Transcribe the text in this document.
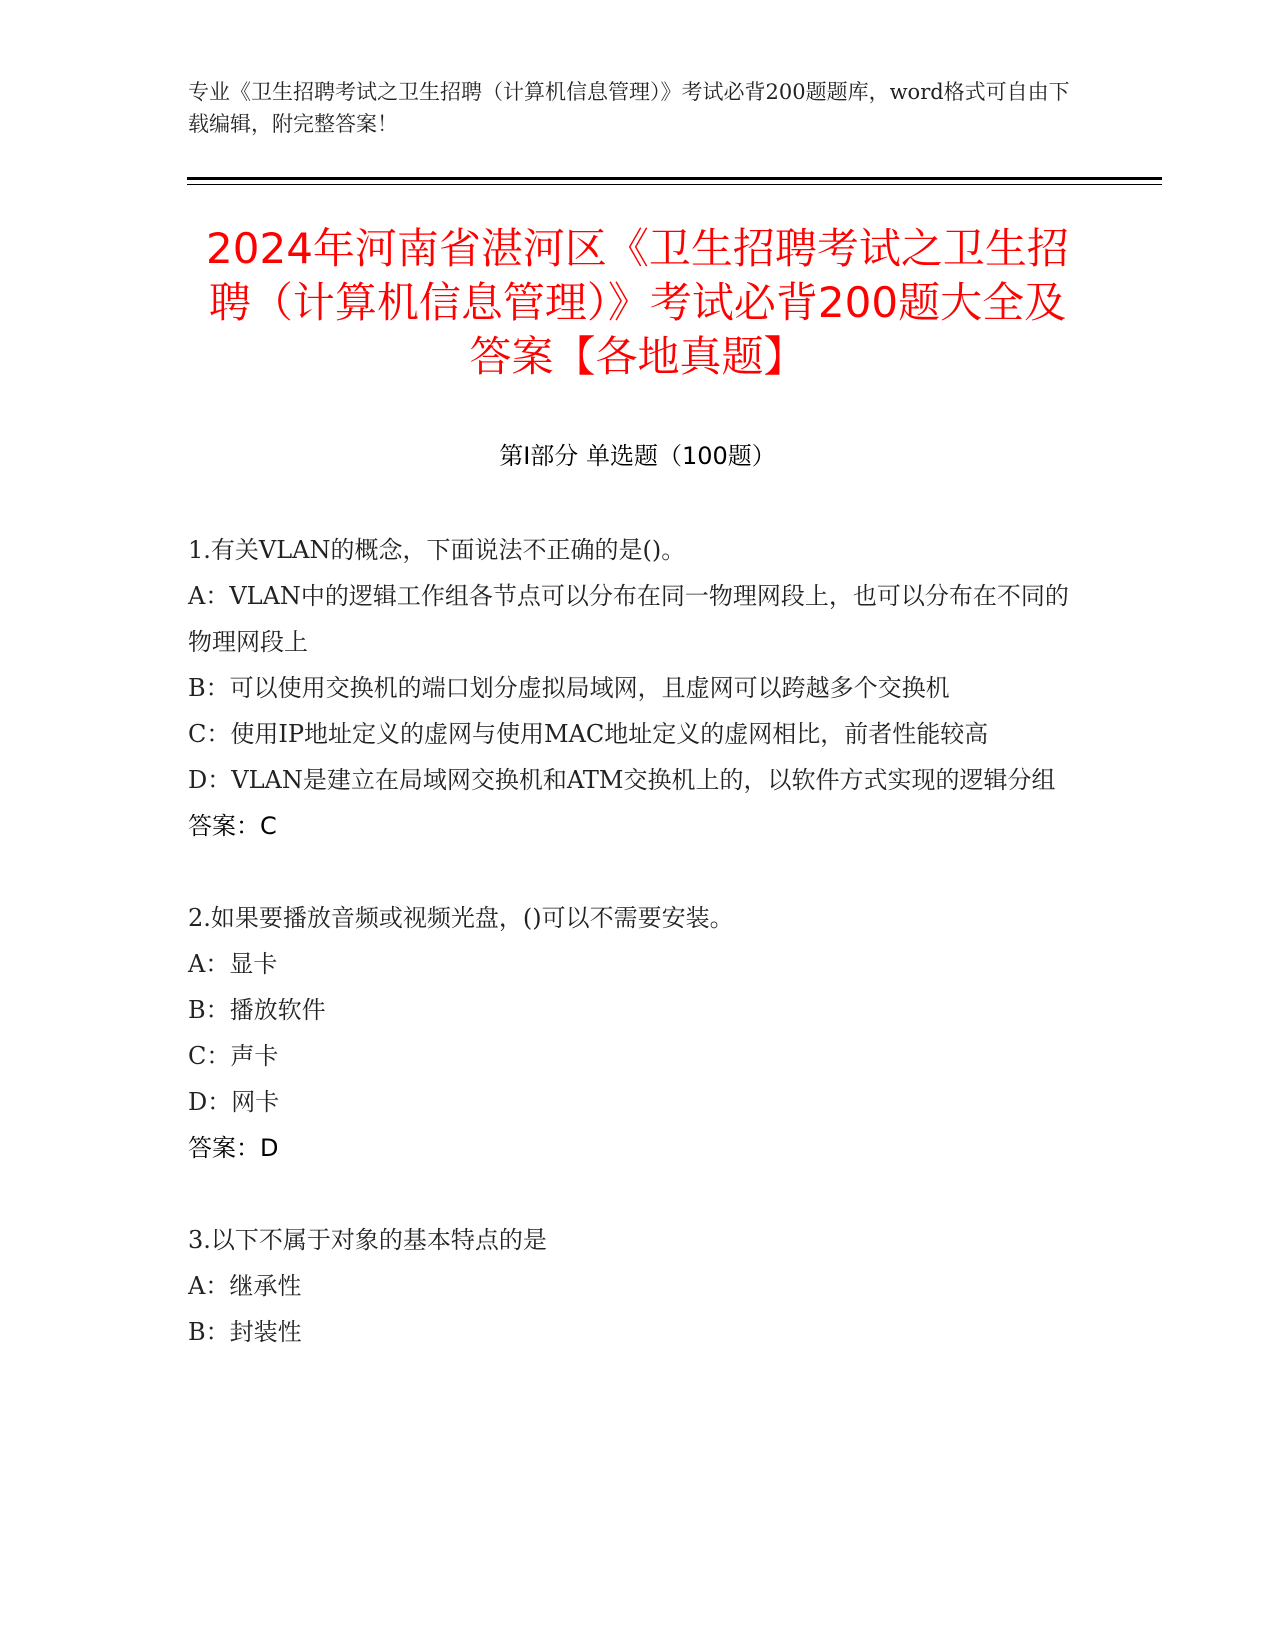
专业《卫生招聘考试之卫生招聘（计算机信息管理）》考试必背200题题库，word格式可自由下载编辑，附完整答案！
2024年河南省湛河区《卫生招聘考试之卫生招聘（计算机信息管理）》考试必背200题大全及答案【各地真题】
第Ⅰ部分 单选题（100题）

1.有关VLAN的概念，下面说法不正确的是()。

A：VLAN中的逻辑工作组各节点可以分布在同一物理网段上，也可以分布在不同的物理网段上

B：可以使用交换机的端口划分虚拟局域网，且虚网可以跨越多个交换机

C：使用IP地址定义的虚网与使用MAC地址定义的虚网相比，前者性能较高

D：VLAN是建立在局域网交换机和ATM交换机上的，以软件方式实现的逻辑分组

答案：C

2.如果要播放音频或视频光盘，()可以不需要安装。

A：显卡

B：播放软件

C：声卡

D：网卡

答案：D

3.以下不属于对象的基本特点的是

A：继承性

B：封装性
